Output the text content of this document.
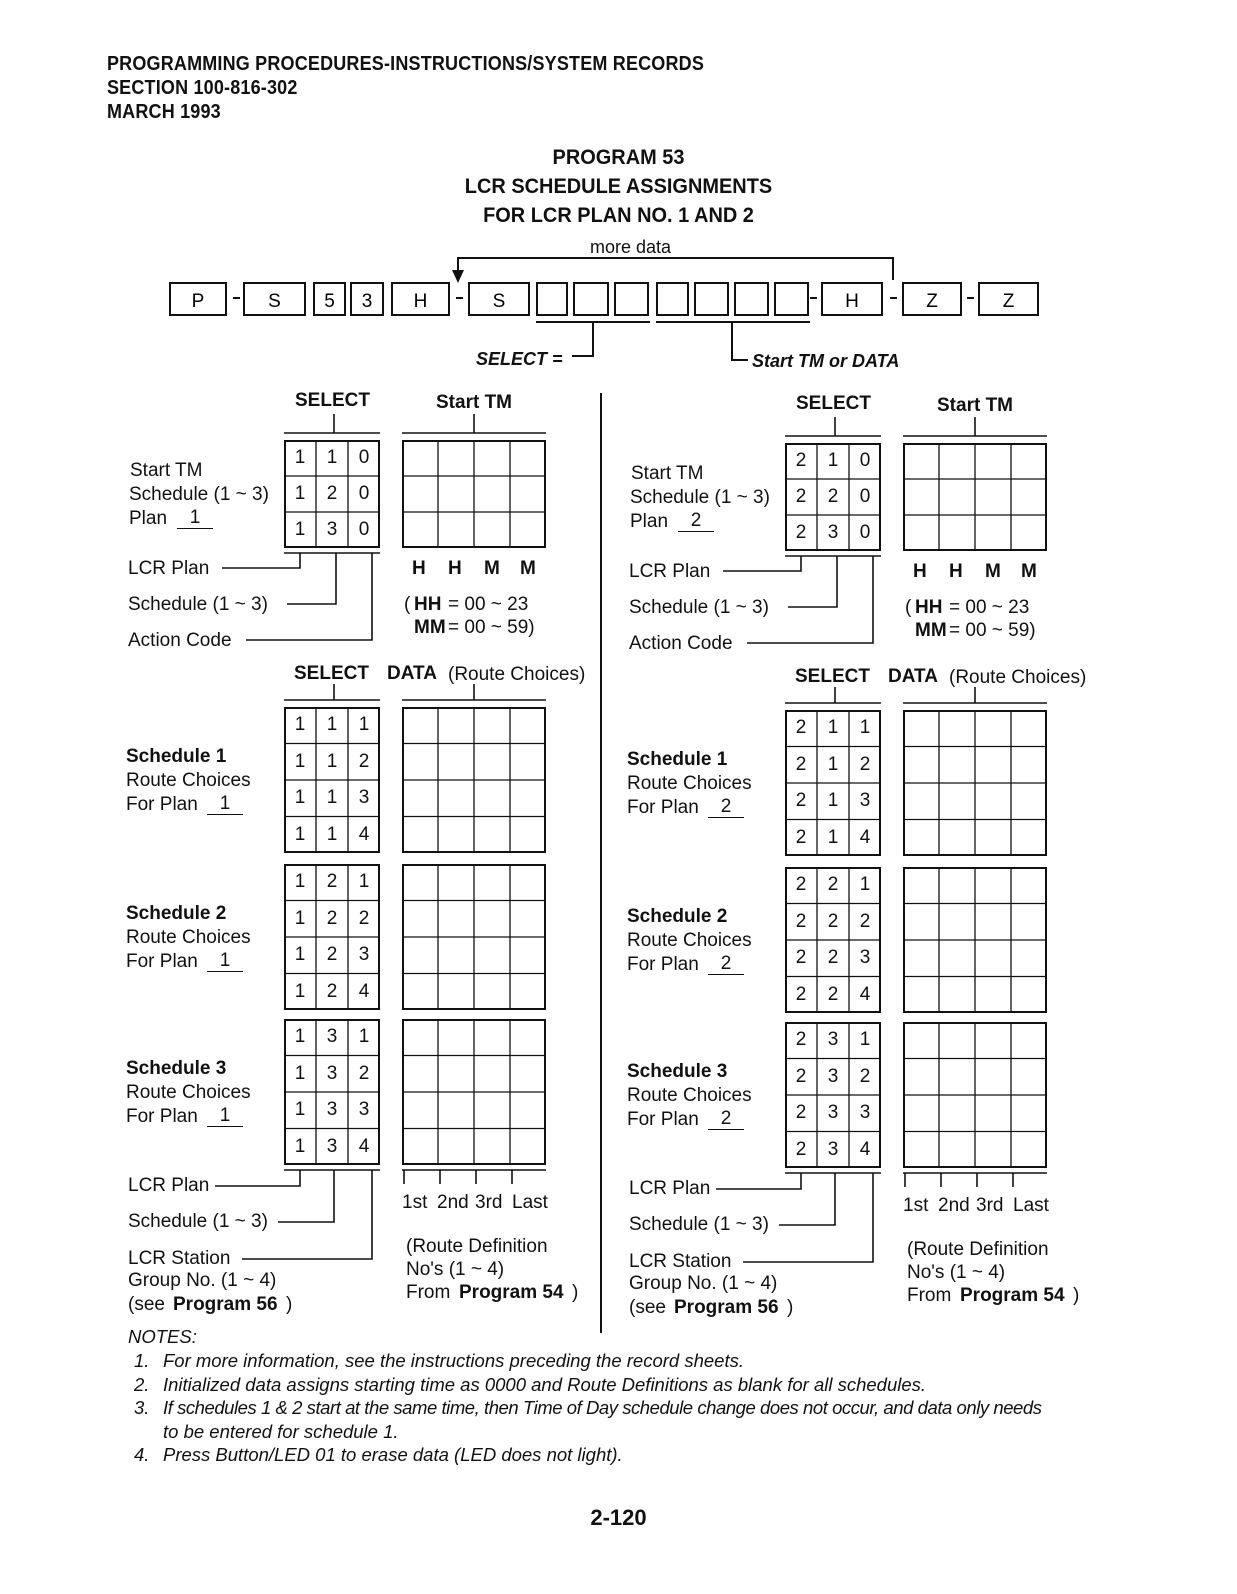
PROGRAMMING PROCEDURES-INSTRUCTIONS/SYSTEM RECORDS
SECTION 100-816-302
MARCH 1993
PROGRAM 53
LCR SCHEDULE ASSIGNMENTS
FOR LCR PLAN NO. 1 AND 2
more data
P	S 5 3 H	S	H	Z	Z
SELECT =	Start TM or DATA
SELECT	Start TM
Start TM
Schedule (1 ~ 3)
Plan	1
1	1	0
1	2	0
1	3	0
LCR Plan
Schedule (1 ~ 3)
Action Code
H H M M
( HH = 00 ~ 23
MM = 00 ~ 59)
SELECT DATA (Route Choices)
1	1	1
1	1	2
1	1	3
1	1	4
Schedule 1
Route Choices
For Plan	1
1	2	1
1	2	2
1	2	3
1	2	4
Schedule 2
Route Choices
For Plan	1
1	3	1
1	3	2
1	3	3
1	3	4
Schedule 3
Route Choices
For Plan	1
LCR Plan
Schedule (1 ~ 3)
LCR Station
Group No. (1 ~ 4)
(see Program 56 )
1st 2nd 3rd Last
(Route Definition
No's (1 ~ 4)
From Program 54 )
SELECT	Start TM
Start TM
Schedule (1 ~ 3)
Plan	2
2	1	0
2	2	0
2	3	0
LCR Plan
Schedule (1 ~ 3)
Action Code
H H M M
( HH = 00 ~ 23
MM = 00 ~ 59)
SELECT DATA (Route Choices)
2	1	1
2	1	2
2	1	3
2	1	4
Schedule 1
Route Choices
For Plan	2
2	2	1
2	2	2
2	2	3
2	2	4
Schedule 2
Route Choices
For Plan	2
2	3	1
2	3	2
2	3	3
2	3	4
Schedule 3
Route Choices
For Plan	2
LCR Plan
Schedule (1 ~ 3)
LCR Station
Group No. (1 ~ 4)
(see Program 56 )
1st 2nd 3rd Last
(Route Definition
No's (1 ~ 4)
From Program 54 )
NOTES:
1. For more information, see the instructions preceding the record sheets.
2. Initialized data assigns starting time as 0000 and Route Definitions as blank for all schedules.
3. If schedules 1 & 2 start at the same time, then Time of Day schedule change does not occur, and data only needs
to be entered for schedule 1.
4. Press Button/LED 01 to erase data (LED does not light).
2-120
